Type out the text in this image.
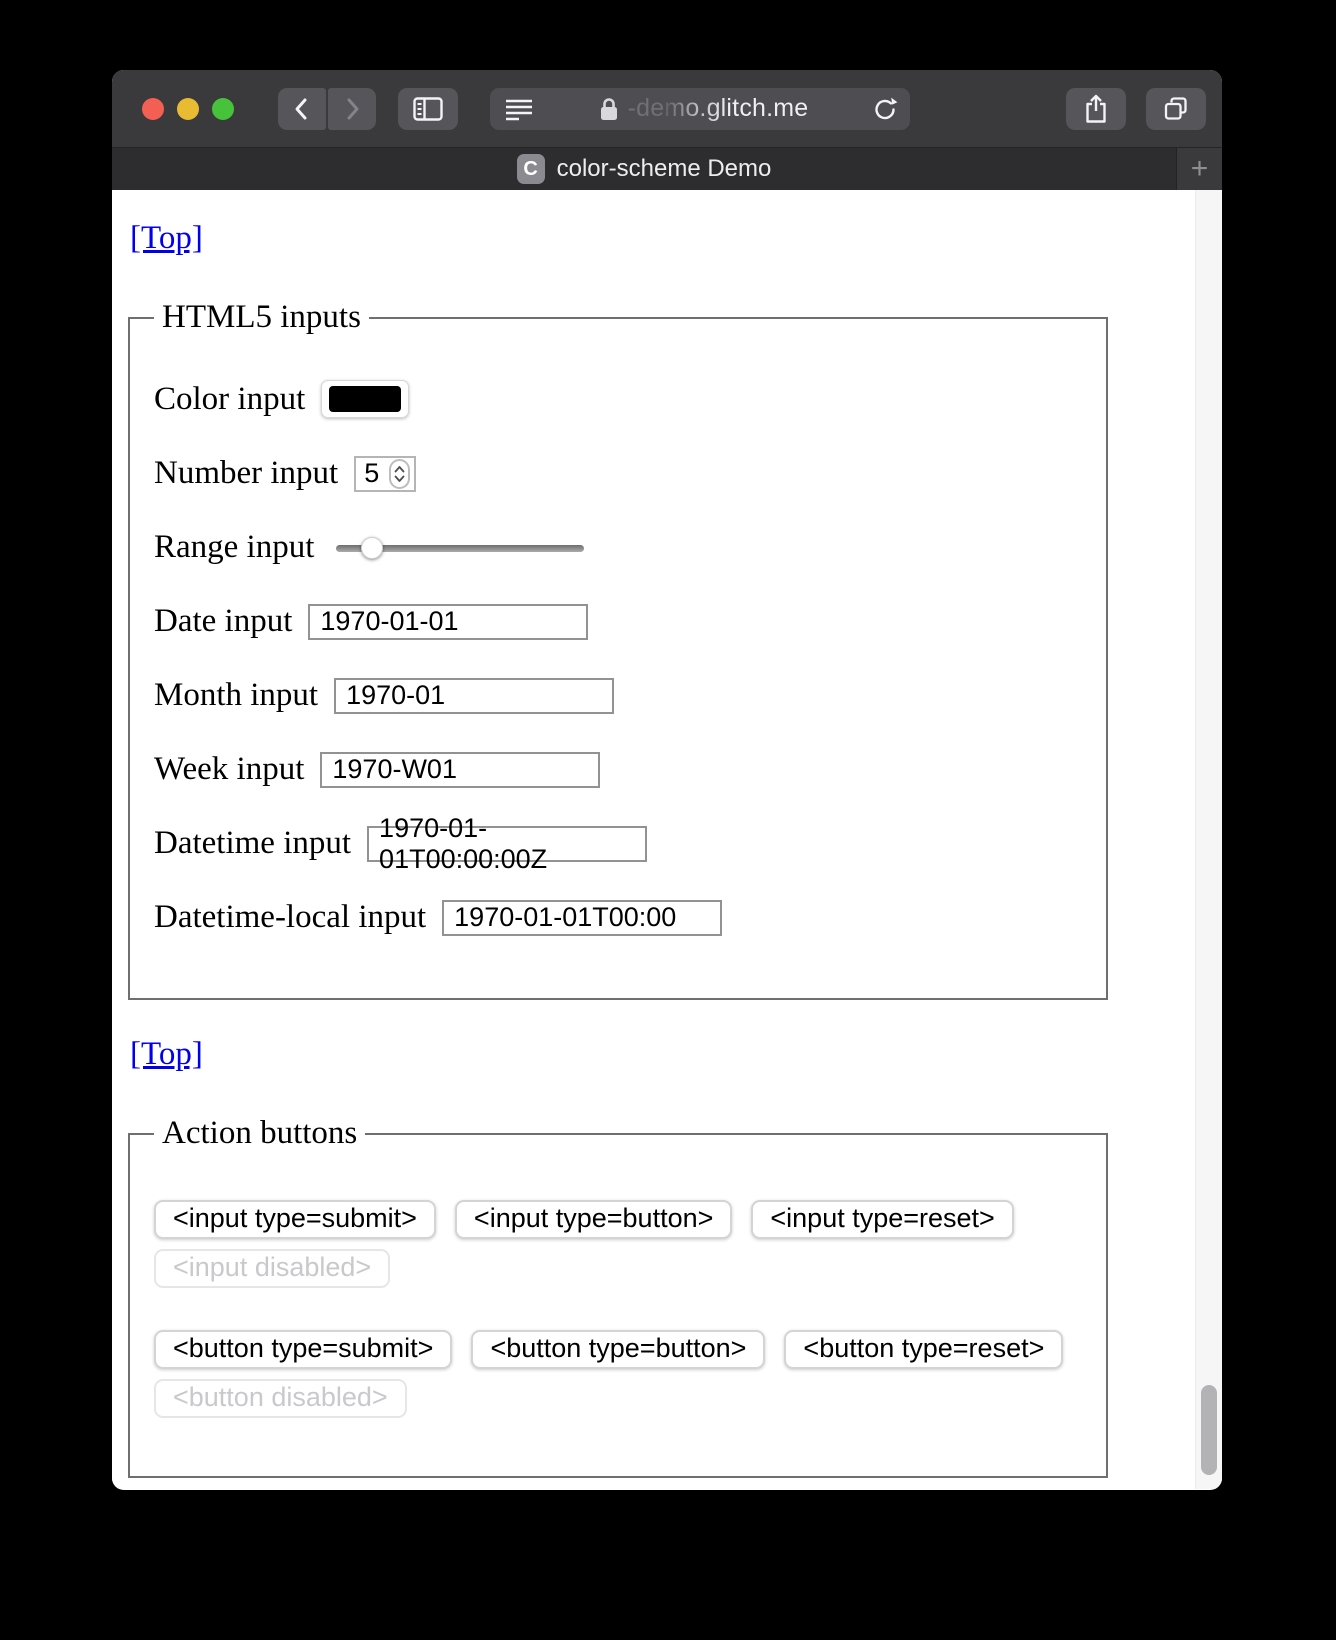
-demo.glitch.me
C color-scheme Demo	+
[Top]
HTML5 inputs
Color input
Number input 5
Range input
Date input	1970-01-01
Month input	1970-01
Week input	1970-W01
Datetime input	1970-01-01T00:00:00Z
Datetime-local input	1970-01-01T00:00
[Top]
Action buttons
<input type=submit>	<input type=button>	<input type=reset>
<input disabled>
<button type=submit>	<button type=button>	<button type=reset>
<button disabled>
